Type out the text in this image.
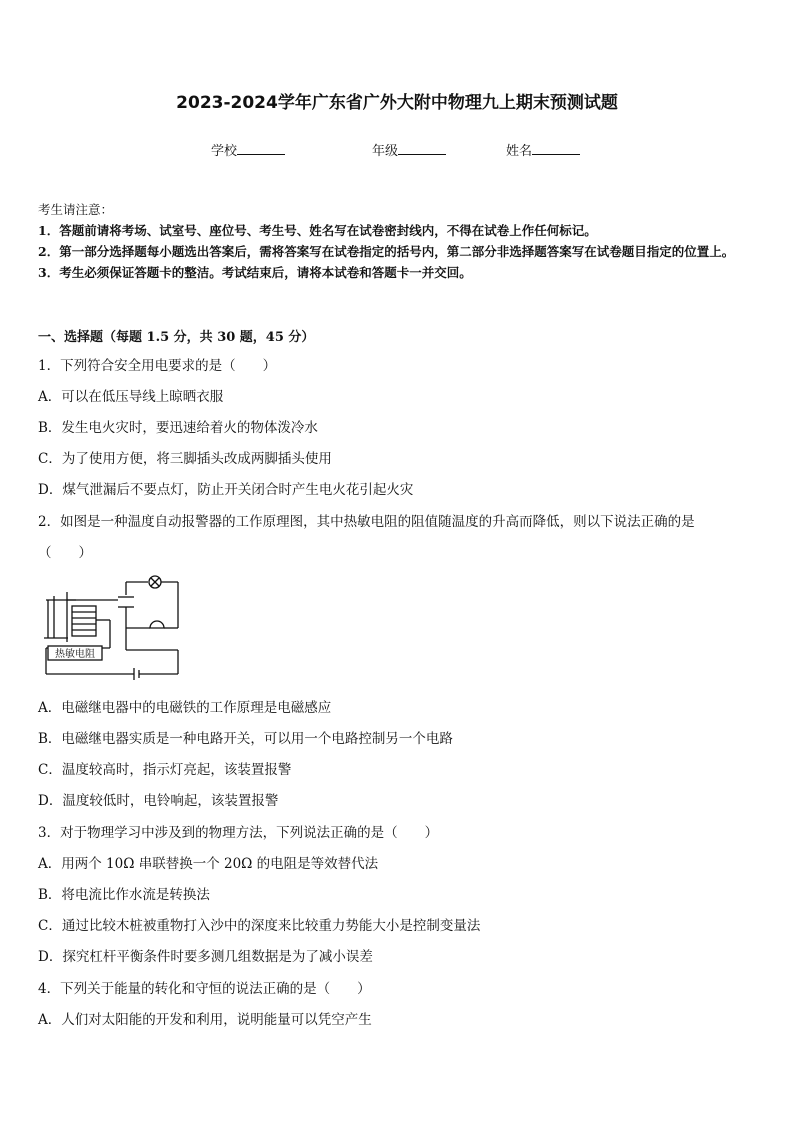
2023-2024学年广东省广外大附中物理九上期末预测试题
学校	年级	姓名
考生请注意：
1．答题前请将考场、试室号、座位号、考生号、姓名写在试卷密封线内，不得在试卷上作任何标记。
2．第一部分选择题每小题选出答案后，需将答案写在试卷指定的括号内，第二部分非选择题答案写在试卷题目指定的位置上。
3．考生必须保证答题卡的整洁。考试结束后，请将本试卷和答题卡一并交回。
一、选择题（每题 1.5 分，共 30 题，45 分）
1．下列符合安全用电要求的是（　　）
A．可以在低压导线上晾晒衣服
B．发生电火灾时，要迅速给着火的物体泼冷水
C．为了使用方便，将三脚插头改成两脚插头使用
D．煤气泄漏后不要点灯，防止开关闭合时产生电火花引起火灾
2．如图是一种温度自动报警器的工作原理图，其中热敏电阻的阻值随温度的升高而降低，则以下说法正确的是
（　　）
热敏电阻
A．电磁继电器中的电磁铁的工作原理是电磁感应
B．电磁继电器实质是一种电路开关，可以用一个电路控制另一个电路
C．温度较高时，指示灯亮起，该装置报警
D．温度较低时，电铃响起，该装置报警
3．对于物理学习中涉及到的物理方法，下列说法正确的是（　　）
A．用两个 10Ω 串联替换一个 20Ω 的电阻是等效替代法
B．将电流比作水流是转换法
C．通过比较木桩被重物打入沙中的深度来比较重力势能大小是控制变量法
D．探究杠杆平衡条件时要多测几组数据是为了减小误差
4．下列关于能量的转化和守恒的说法正确的是（　　）
A．人们对太阳能的开发和利用，说明能量可以凭空产生
